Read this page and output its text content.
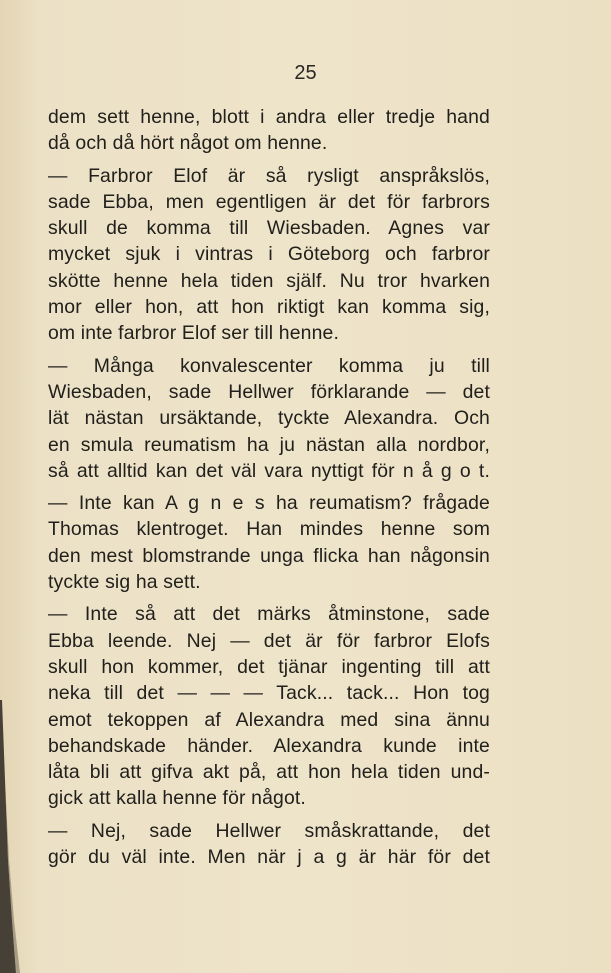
25
dem sett henne, blott i andra eller tredje hand
då och då hört något om henne.
— Farbror Elof är så rysligt anspråkslös,
sade Ebba, men egentligen är det för farbrors
skull de komma till Wiesbaden. Agnes var
mycket sjuk i vintras i Göteborg och farbror
skötte henne hela tiden själf. Nu tror hvarken
mor eller hon, att hon riktigt kan komma sig,
om inte farbror Elof ser till henne.
— Många konvalescenter komma ju till
Wiesbaden, sade Hellwer förklarande — det
lät nästan ursäktande, tyckte Alexandra. Och
en smula reumatism ha ju nästan alla nordbor,
så att alltid kan det väl vara nyttigt för n å g o t.
— Inte kan A g n e s ha reumatism? frågade
Thomas klentroget. Han mindes henne som
den mest blomstrande unga flicka han någonsin
tyckte sig ha sett.
— Inte så att det märks åtminstone, sade
Ebba leende. Nej — det är för farbror Elofs
skull hon kommer, det tjänar ingenting till att
neka till det — — — Tack... tack... Hon tog
emot tekoppen af Alexandra med sina ännu
behandskade händer. Alexandra kunde inte
låta bli att gifva akt på, att hon hela tiden und-
gick att kalla henne för något.
— Nej, sade Hellwer småskrattande, det
gör du väl inte. Men när j a g är här för det
